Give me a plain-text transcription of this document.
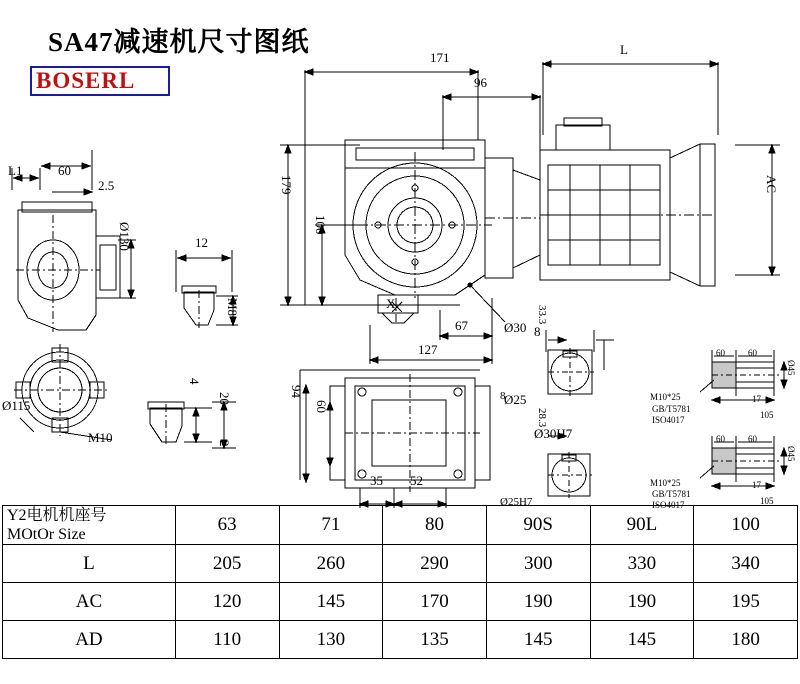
SA47减速机尺寸图纸
BOSERL
171
96
L
179
100
AC
67
127
X
Ø30
L1	60
2.5
Ø130	12
M8
Ø115
M10
4
20
2
94
60
35 52
8
33.3
Ø25
Ø30H7
28.3
8
Ø25H7
60	60
17
105
Ø45
M10*25
GB/T5781
ISO4017
60	60
17
105
Ø45
M10*25
GB/T5781
ISO4017
Y2电机机座号
MOtOr Size	63	71	80	90S	90L	100
L	205	260	290	300	330	340
AC	120	145	170	190	190	195
AD	110	130	135	145	145	180
